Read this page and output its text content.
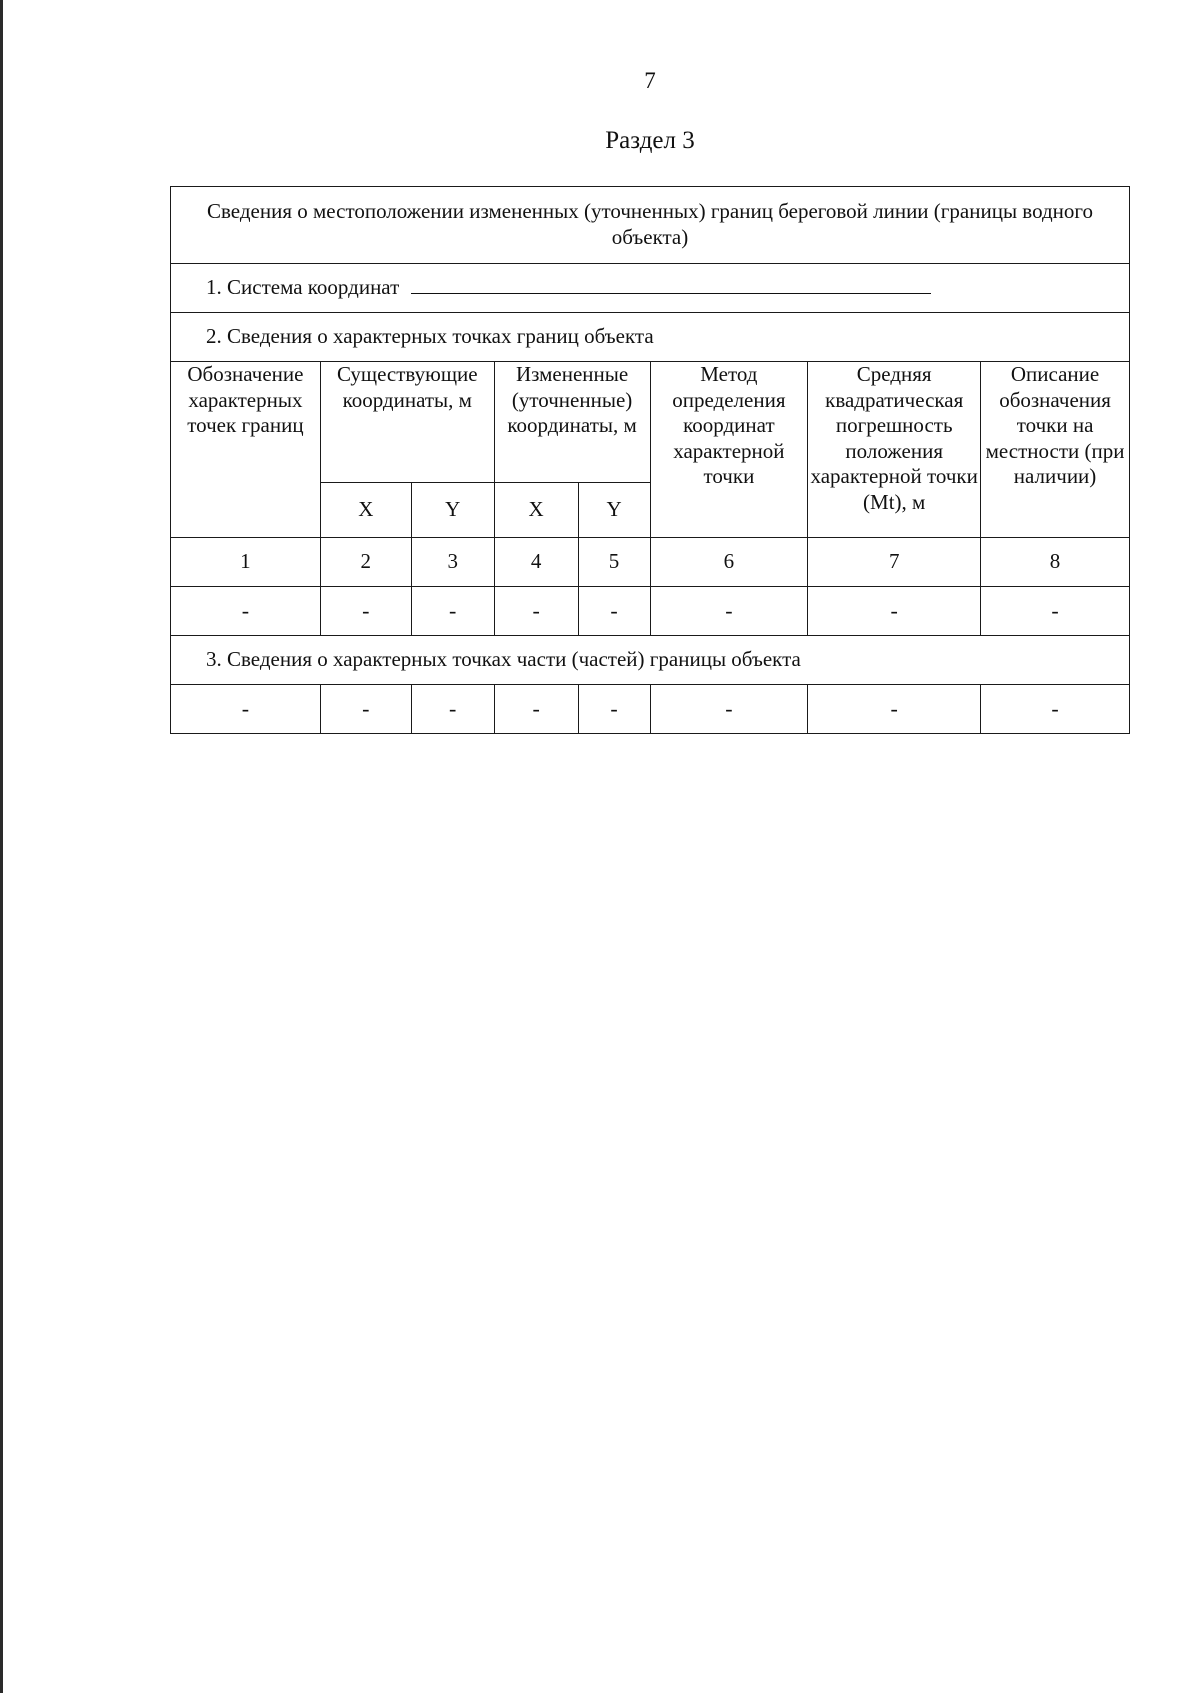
7
Раздел 3
Сведения о местоположении измененных (уточненных) границ береговой линии (границы водного объекта)							

1. Система координат							

2. Сведения о характерных точках границ объекта							

Обозначение характерных точек границ	Существующие координаты, м		Измененные (уточненные) координаты, м		Метод определения координат характерной точки	Средняя квадратическая погрешность положения характерной точки (Mt), м	Описание обозначения точки на местности (при наличии)
	X	Y	X	Y			
1	2	3	4	5	6	7	8
-	-	-	-	-	-	-	-

3. Сведения о характерных точках части (частей) границы объекта							

-	-	-	-	-	-	-	-
